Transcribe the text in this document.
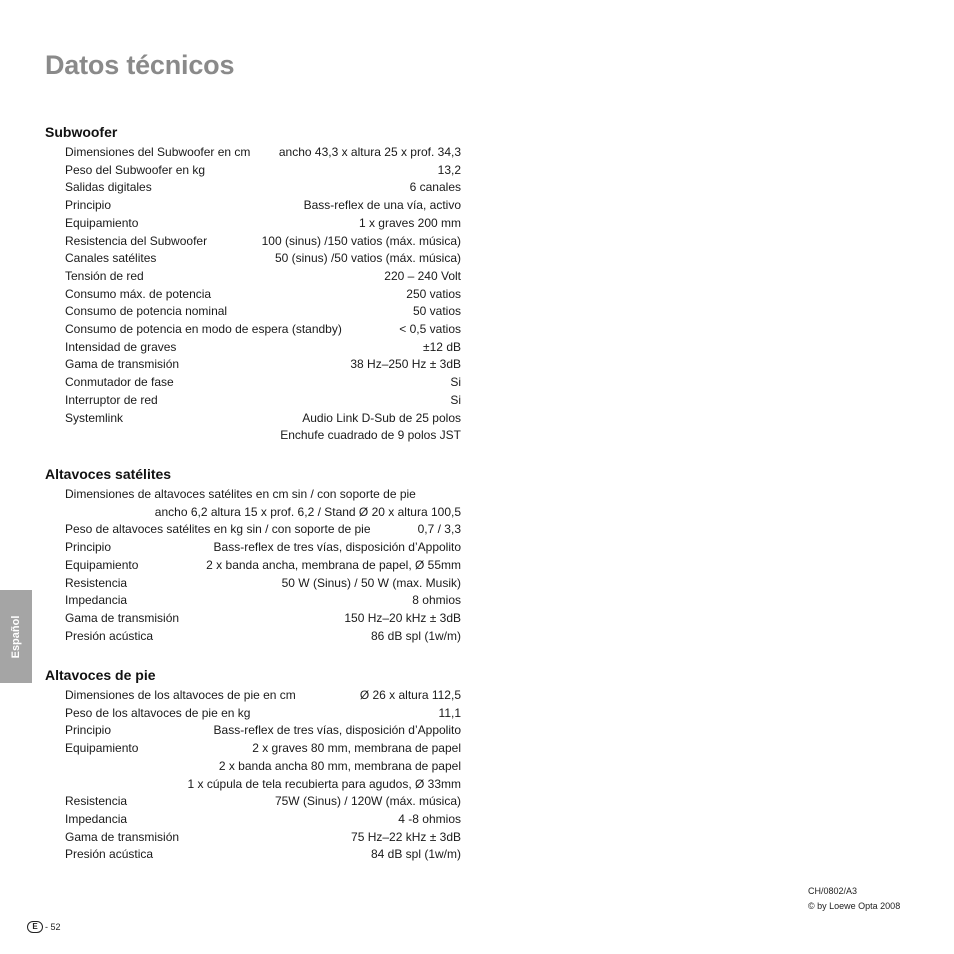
Datos técnicos
Subwoofer
Dimensiones del Subwoofer en cm	ancho 43,3 x altura 25 x prof. 34,3
Peso del Subwoofer en kg	13,2
Salidas digitales	6 canales
Principio	Bass-reflex de una vía, activo
Equipamiento	1 x graves 200 mm
Resistencia del Subwoofer	100 (sinus) /150 vatios (máx. música)
Canales satélites	50 (sinus) /50 vatios (máx. música)
Tensión de red	220 – 240 Volt
Consumo máx. de potencia	250 vatios
Consumo de potencia nominal	50 vatios
Consumo de potencia en modo de espera (standby)	< 0,5 vatios
Intensidad de graves	±12 dB
Gama de transmisión	38 Hz–250 Hz ± 3dB
Conmutador de fase	Si
Interruptor de red	Si
Systemlink	Audio Link D-Sub de 25 polos
Enchufe cuadrado de 9 polos JST
Altavoces satélites
Dimensiones de altavoces satélites en cm sin / con soporte de pie
ancho 6,2 altura 15 x prof. 6,2 / Stand Ø 20 x altura 100,5
Peso de altavoces satélites en kg sin / con soporte de pie	0,7 / 3,3
Principio	Bass-reflex de tres vías, disposición d’Appolito
Equipamiento	2 x banda ancha, membrana de papel, Ø 55mm
Resistencia	50 W (Sinus) / 50 W (max. Musik)
Impedancia	8 ohmios
Gama de transmisión	150 Hz–20 kHz ± 3dB
Presión acústica	86 dB spl (1w/m)
Altavoces de pie
Dimensiones de los altavoces de pie en cm	Ø 26 x altura 112,5
Peso de los altavoces de pie en kg	11,1
Principio	Bass-reflex de tres vías, disposición d’Appolito
Equipamiento	2 x graves 80 mm, membrana de papel
2 x banda ancha 80 mm, membrana de papel
1 x cúpula de tela recubierta para agudos, Ø 33mm
Resistencia	75W (Sinus) / 120W (máx. música)
Impedancia	4 -8 ohmios
Gama de transmisión	75 Hz–22 kHz ± 3dB
Presión acústica	84 dB spl (1w/m)
Español
CH/0802/A3
© by Loewe Opta 2008
E - 52
